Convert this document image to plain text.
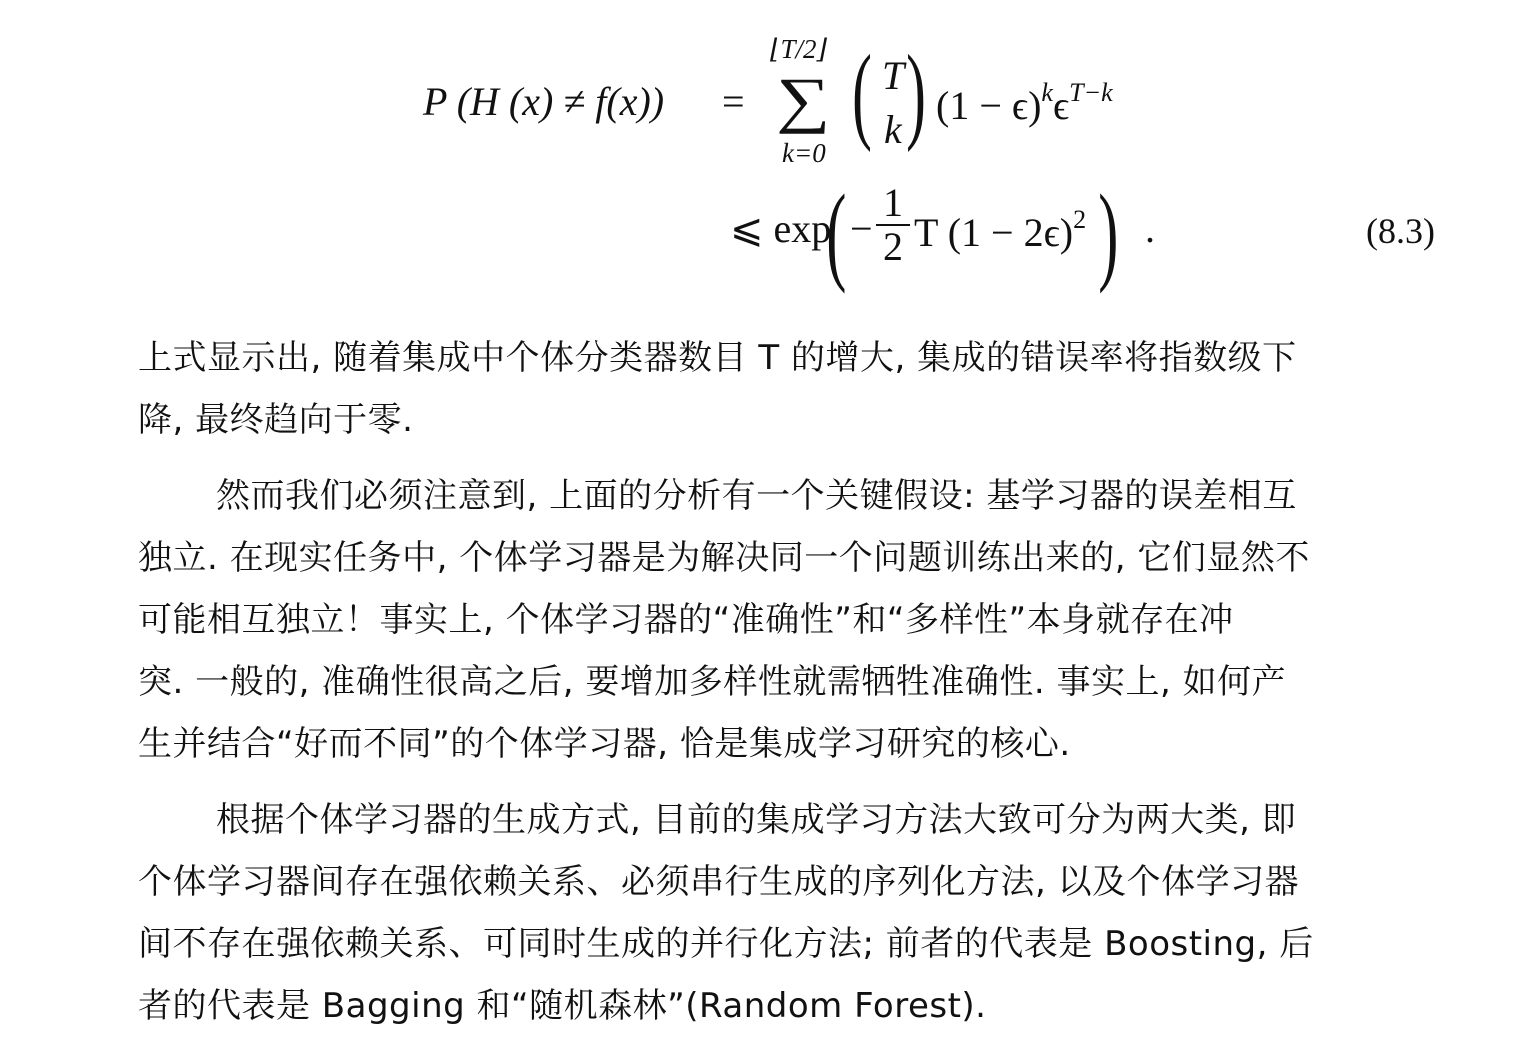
P (H (x) ≠ f(x)) =
⌊T/2⌋
∑
k=0 ( T
k ) $(1 - \epsilon)^k\epsilon^{T-k}$
⩽ exp
( −
1
2 T $(1 - 2\epsilon)^2$ ) .	(8.3)
上式显示出, 随着集成中个体分类器数目 T 的增大, 集成的错误率将指数级下
降, 最终趋向于零.
然而我们必须注意到, 上面的分析有一个关键假设: 基学习器的误差相互
独立. 在现实任务中, 个体学习器是为解决同一个问题训练出来的, 它们显然不
可能相互独立！事实上, 个体学习器的“准确性”和“多样性”本身就存在冲
突. 一般的, 准确性很高之后, 要增加多样性就需牺牲准确性. 事实上, 如何产
生并结合“好而不同”的个体学习器, 恰是集成学习研究的核心.
根据个体学习器的生成方式, 目前的集成学习方法大致可分为两大类, 即
个体学习器间存在强依赖关系、必须串行生成的序列化方法, 以及个体学习器
间不存在强依赖关系、可同时生成的并行化方法; 前者的代表是 Boosting, 后
者的代表是 Bagging 和“随机森林”(Random Forest).
